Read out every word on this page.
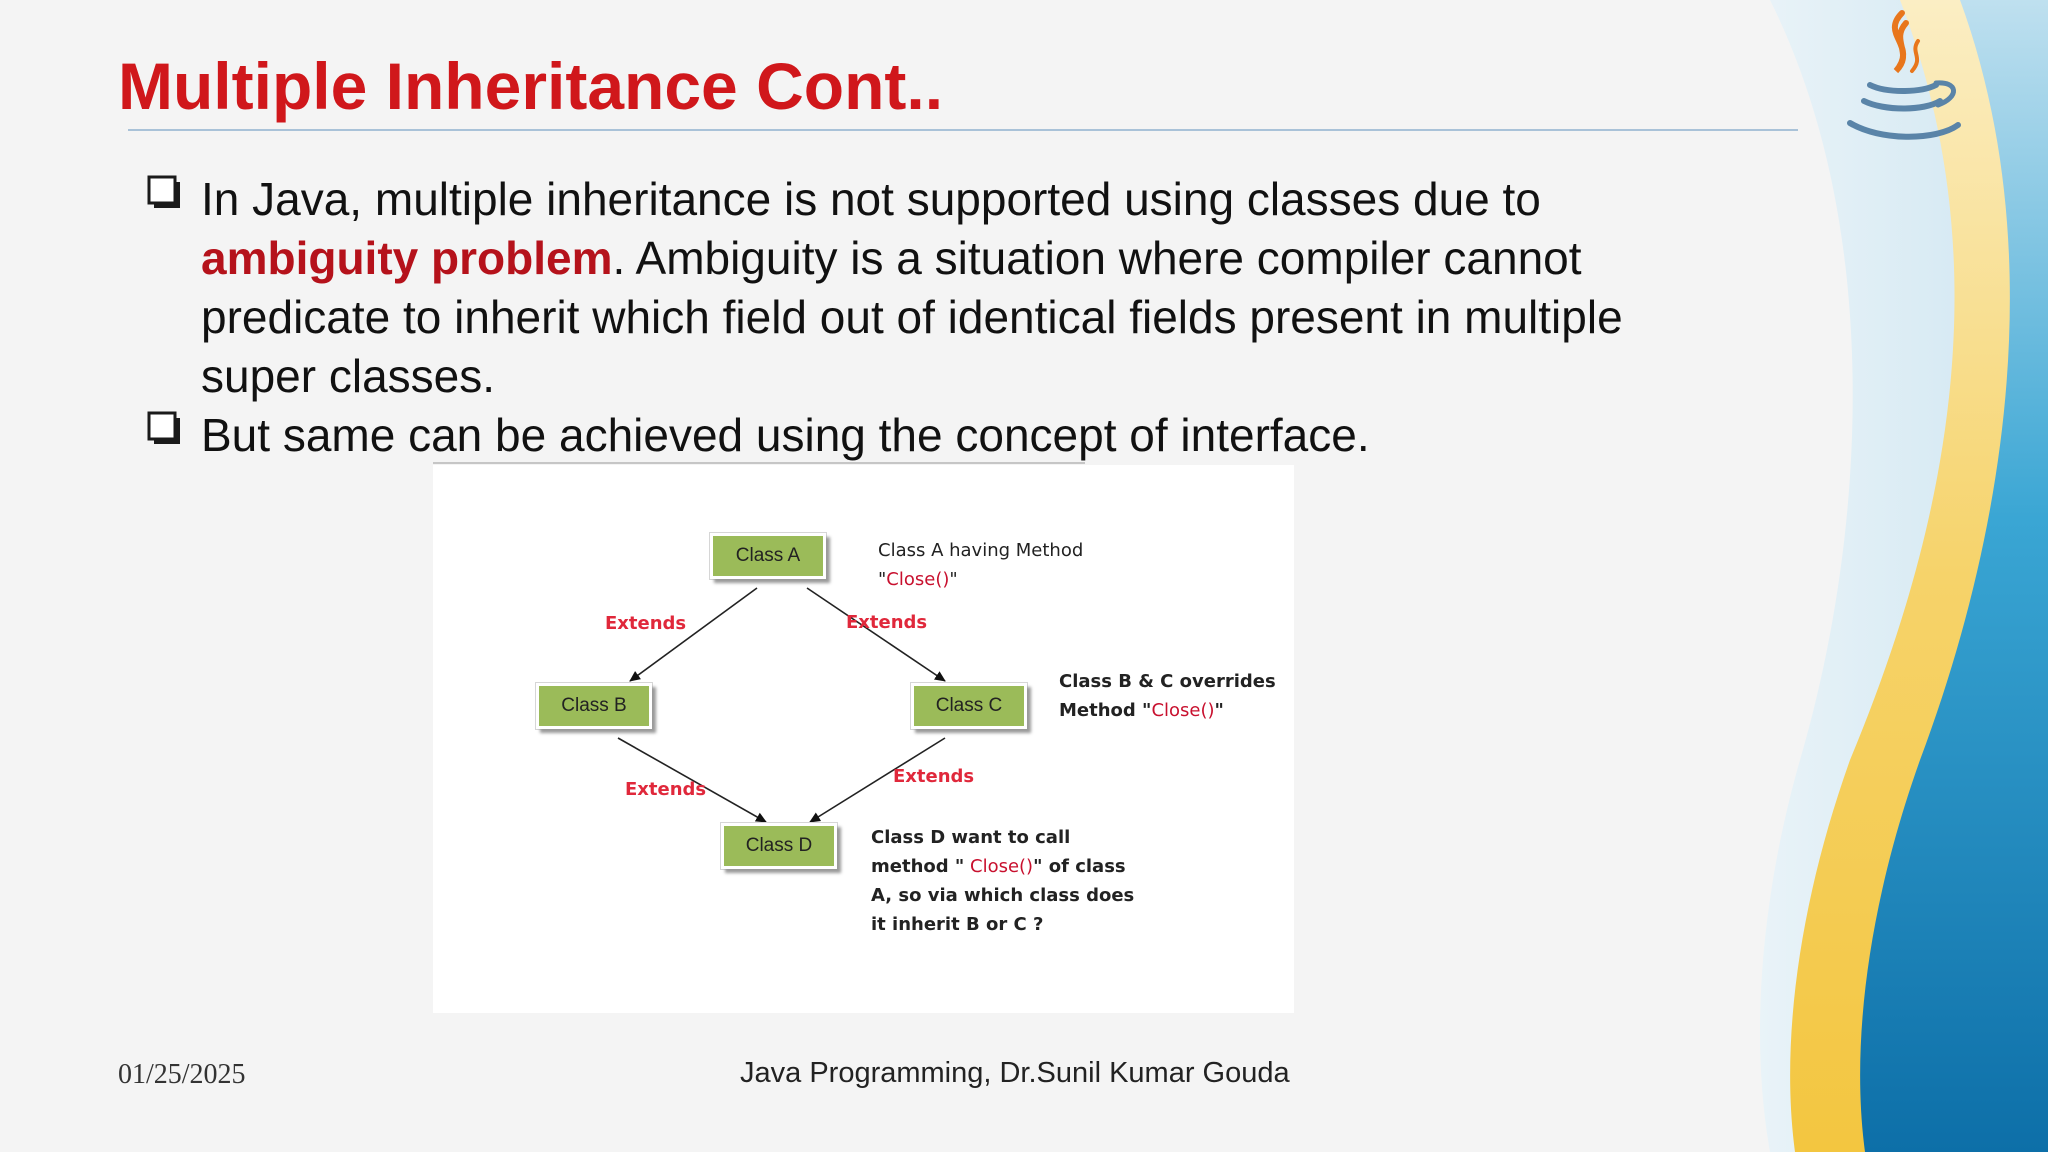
Multiple Inheritance Cont..
In Java, multiple inheritance is not supported using classes due to ambiguity problem. Ambiguity is a situation where compiler cannot predicate to inherit which field out of identical fields present in multiple super classes.
But same can be achieved using the concept of interface.
Class A
Class B	Class C
Class D
Extends	Extends
Extends
Extends
Class A having Method
"Close()"
Class B & C overrides
Method "Close()"
Class D want to call
method " Close()" of class
A, so via which class does
it inherit B or C ?
01/25/2025	Java Programming, Dr.Sunil Kumar Gouda
